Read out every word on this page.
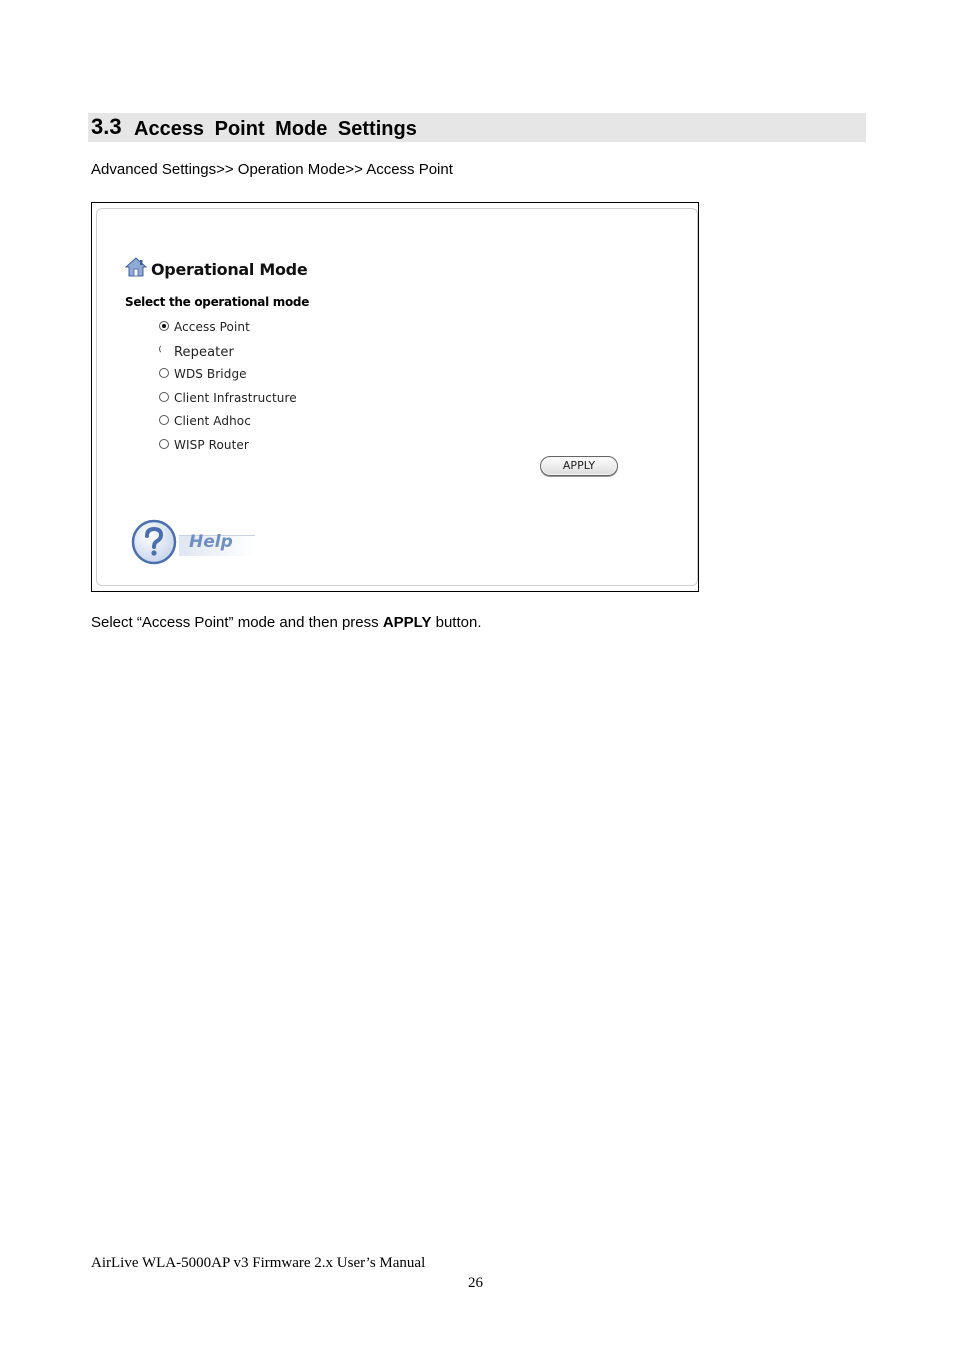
3.3 Access Point Mode Settings
Advanced Settings>> Operation Mode>> Access Point
Operational Mode
Select the operational mode
Access Point
Repeater
WDS Bridge
Client Infrastructure
Client Adhoc
WISP Router
APPLY
Help
Select “Access Point” mode and then press APPLY button.
AirLive WLA-5000AP v3 Firmware 2.x User’s Manual
26
